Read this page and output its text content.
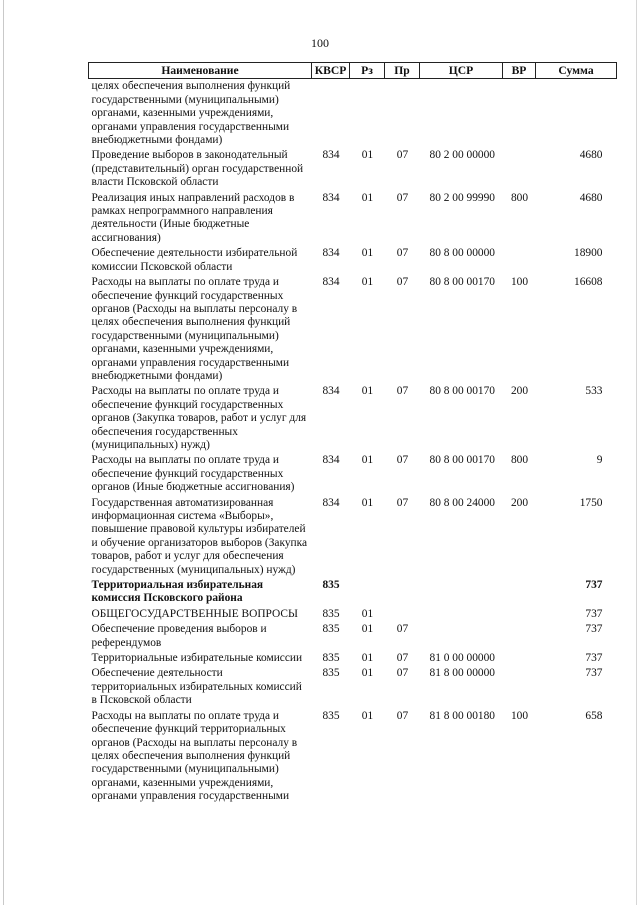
100
Наименование	КВСР	Рз	Пр	ЦСР	ВР	Сумма
целях обеспечения выполнения функций государственными (муниципальными) органами, казенными учреждениями, органами управления государственными внебюджетными фондами)						
Проведение выборов в законодательный (представительный) орган государственной власти Псковской области	834	01	07	80 2 00 00000		4680
Реализация иных направлений расходов в рамках непрограммного направления деятельности (Иные бюджетные ассигнования)	834	01	07	80 2 00 99990	800	4680
Обеспечение деятельности избирательной комиссии Псковской области	834	01	07	80 8 00 00000		18900
Расходы на выплаты по оплате труда и обеспечение функций государственных органов (Расходы на выплаты персоналу в целях обеспечения выполнения функций государственными (муниципальными) органами, казенными учреждениями, органами управления государственными внебюджетными фондами)	834	01	07	80 8 00 00170	100	16608
Расходы на выплаты по оплате труда и обеспечение функций государственных органов (Закупка товаров, работ и услуг для обеспечения государственных (муниципальных) нужд)	834	01	07	80 8 00 00170	200	533
Расходы на выплаты по оплате труда и обеспечение функций государственных органов (Иные бюджетные ассигнования)	834	01	07	80 8 00 00170	800	9
Государственная автоматизированная информационная система «Выборы», повышение правовой культуры избирателей и обучение организаторов выборов (Закупка товаров, работ и услуг для обеспечения государственных (муниципальных) нужд)	834	01	07	80 8 00 24000	200	1750
Территориальная избирательная комиссия Псковского района	835					737
ОБЩЕГОСУДАРСТВЕННЫЕ ВОПРОСЫ	835	01				737
Обеспечение проведения выборов и референдумов	835	01	07			737
Территориальные избирательные комиссии	835	01	07	81 0 00 00000		737
Обеспечение деятельности территориальных избирательных комиссий в Псковской области	835	01	07	81 8 00 00000		737
Расходы на выплаты по оплате труда и обеспечение функций территориальных органов (Расходы на выплаты персоналу в целях обеспечения выполнения функций государственными (муниципальными) органами, казенными учреждениями, органами управления государственными	835	01	07	81 8 00 00180	100	658
